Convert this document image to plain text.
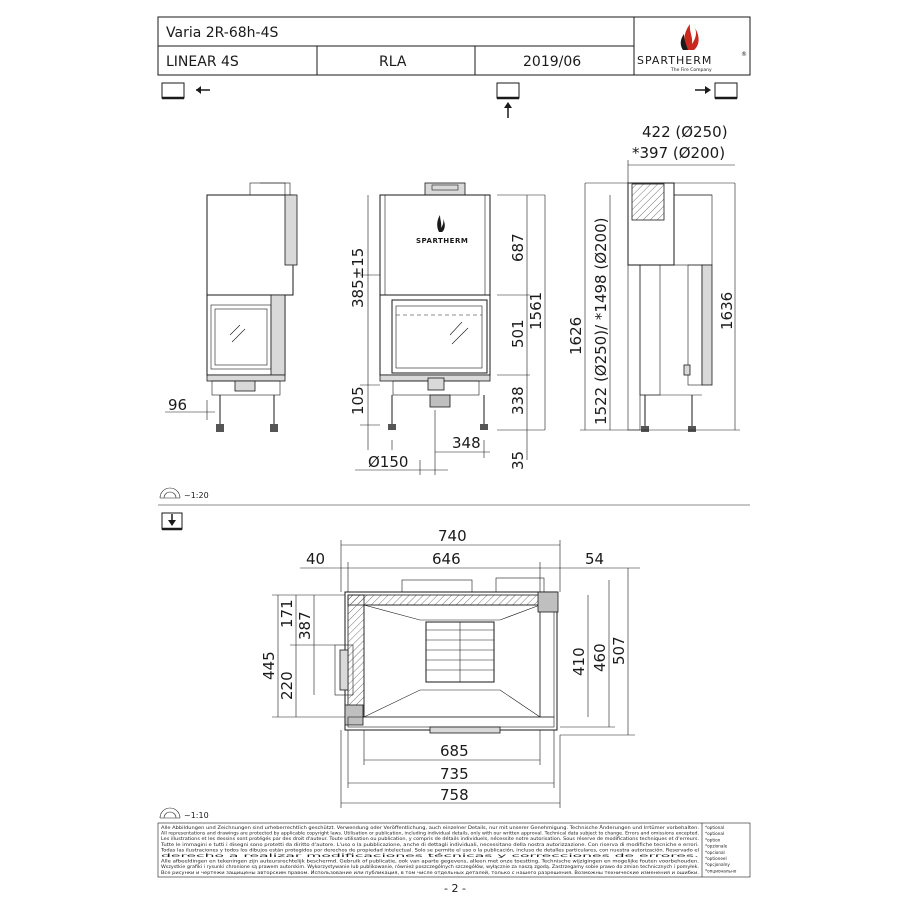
Varia 2R-68h-4S
LINEAR 4S	RLA	2019/06	SPARTHERM	®
The Fire Company
96
SPARTHERM
385±15
105
687
501
338
35
1561
348
Ø150
1626 1522 (Ø250)/ *1498 (Ø200)	1636
422 (Ø250)
*397 (Ø200)
~1:20
740
40	646	54
445
171
220
387
410 460 507
685
735
758
~1:10
Alle Abbildungen und Zeichnungen sind urheberrechtlich geschützt. Verwendung oder Veröffentlichung, auch einzelner Details, nur mit unserer Genehmigung. Technische Änderungen und Irrtümer vorbehalten.
All representations and drawings are protected by applicable copyright laws. Utilisation or publication, including individual details, only with our written approval. Technical data subject to change. Errors and omissions excepted.
Les illustrations et les dessins sont protégés par des droit d'auteur. Toute utilisation ou publication, y compris de détails individuels, nécessite notre autorisation. Sous réserve de modifications techniques et d'erreurs.
Tutte le immagini e tutti i disegni sono protetti da diritto d'autore. L'uso o la pubblicazione, anche di dettagli individuali, necessitano della nostra autorizzazione. Con riserva di modifiche tecniche e errori.
Todas las ilustraciones y todos los dibujos están protegidos por derechos de propiedad intelectual. Solo se permite el uso o la publicación, incluso de detalles particulares, con nuestra autorización. Reservado el
derecho a realizar modificaciones técnicas y correcciones de errores.
Alle afbeeldingen en tekeningen zijn auteursrechtelijk beschermd. Gebruik of publicatie, ook van aparte gegevens, alleen met onze toestting. Technische wijzigingen en mogelijke fouten voorbehouden.
Wszystkie grafiki i rysunki chronione są prawem autorskim. Wykorzystywanie lub publikowanie, również poszczególnych szczegółów, wyłącznie za naszą zgodą. Zastrzegamy sobie prawo do zmian technicznych i pomyłek.
Все рисунки и чертежи защищены авторским правом. Использование или публикация, в том числе отдельных деталей, только с нашего разрешения. Возможны технические изменения и ошибки.
*optional
*optional
*option
*opzionale
*opcional
*optioneel
*opcjonalny
*опционально
- 2 -
